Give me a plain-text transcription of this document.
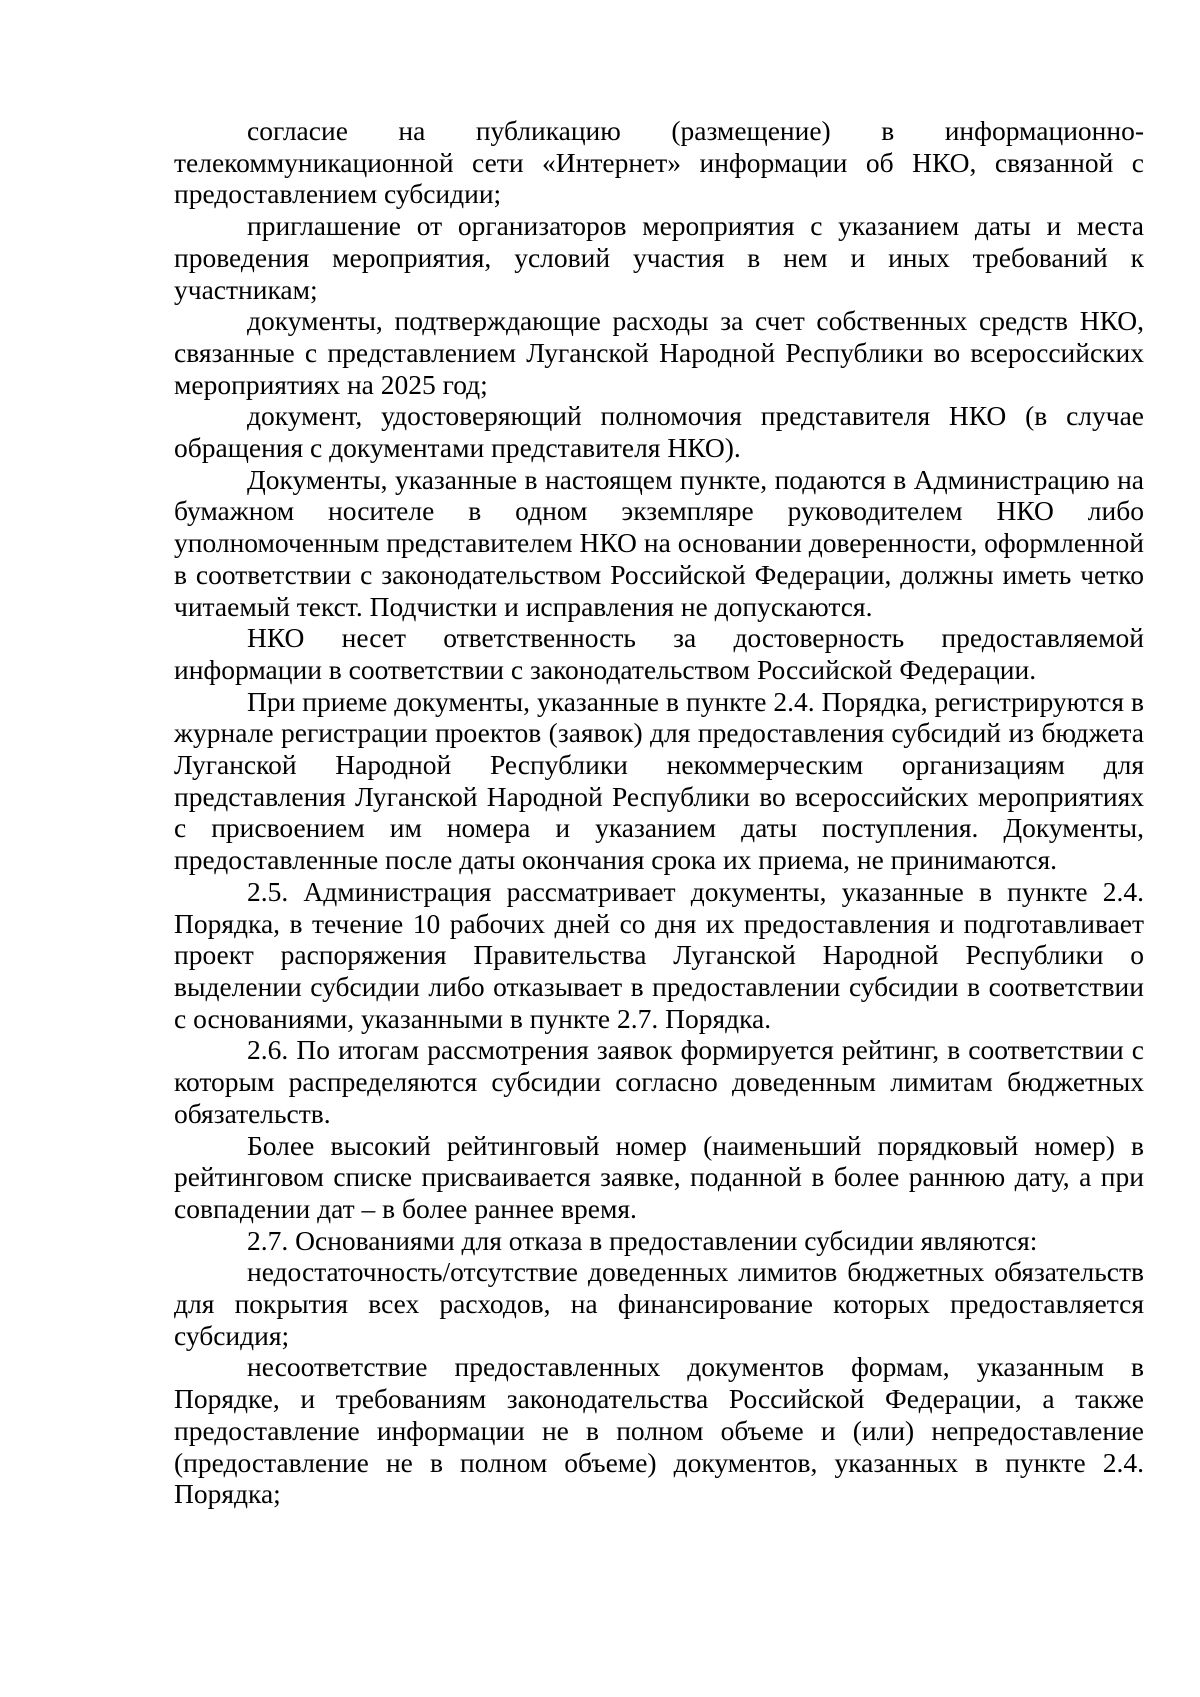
согласие на публикацию (размещение) в информационно-телекоммуникационной сети «Интернет» информации об НКО, связанной с предоставлением субсидии;

приглашение от организаторов мероприятия с указанием даты и места проведения мероприятия, условий участия в нем и иных требований к участникам;

документы, подтверждающие расходы за счет собственных средств НКО, связанные с представлением Луганской Народной Республики во всероссийских мероприятиях на 2025 год;

документ, удостоверяющий полномочия представителя НКО (в случае обращения с документами представителя НКО).

Документы, указанные в настоящем пункте, подаются в Администрацию на бумажном носителе в одном экземпляре руководителем НКО либо уполномоченным представителем НКО на основании доверенности, оформленной в соответствии с законодательством Российской Федерации, должны иметь четко читаемый текст. Подчистки и исправления не допускаются.

НКО несет ответственность за достоверность предоставляемой информации в соответствии с законодательством Российской Федерации.

При приеме документы, указанные в пункте 2.4. Порядка, регистрируются в журнале регистрации проектов (заявок) для предоставления субсидий из бюджета Луганской Народной Республики некоммерческим организациям для представления Луганской Народной Республики во всероссийских мероприятиях с присвоением им номера и указанием даты поступления. Документы, предоставленные после даты окончания срока их приема, не принимаются.

2.5. Администрация рассматривает документы, указанные в пункте 2.4. Порядка, в течение 10 рабочих дней со дня их предоставления и подготавливает проект распоряжения Правительства Луганской Народной Республики о выделении субсидии либо отказывает в предоставлении субсидии в соответствии с основаниями, указанными в пункте 2.7. Порядка.

2.6. По итогам рассмотрения заявок формируется рейтинг, в соответствии с которым распределяются субсидии согласно доведенным лимитам бюджетных обязательств.

Более высокий рейтинговый номер (наименьший порядковый номер) в рейтинговом списке присваивается заявке, поданной в более раннюю дату, а при совпадении дат – в более раннее время.

2.7. Основаниями для отказа в предоставлении субсидии являются:

недостаточность/отсутствие доведенных лимитов бюджетных обязательств для покрытия всех расходов, на финансирование которых предоставляется субсидия;

несоответствие предоставленных документов формам, указанным в Порядке, и требованиям законодательства Российской Федерации, а также предоставление информации не в полном объеме и (или) непредоставление (предоставление не в полном объеме) документов, указанных в пункте 2.4. Порядка;
